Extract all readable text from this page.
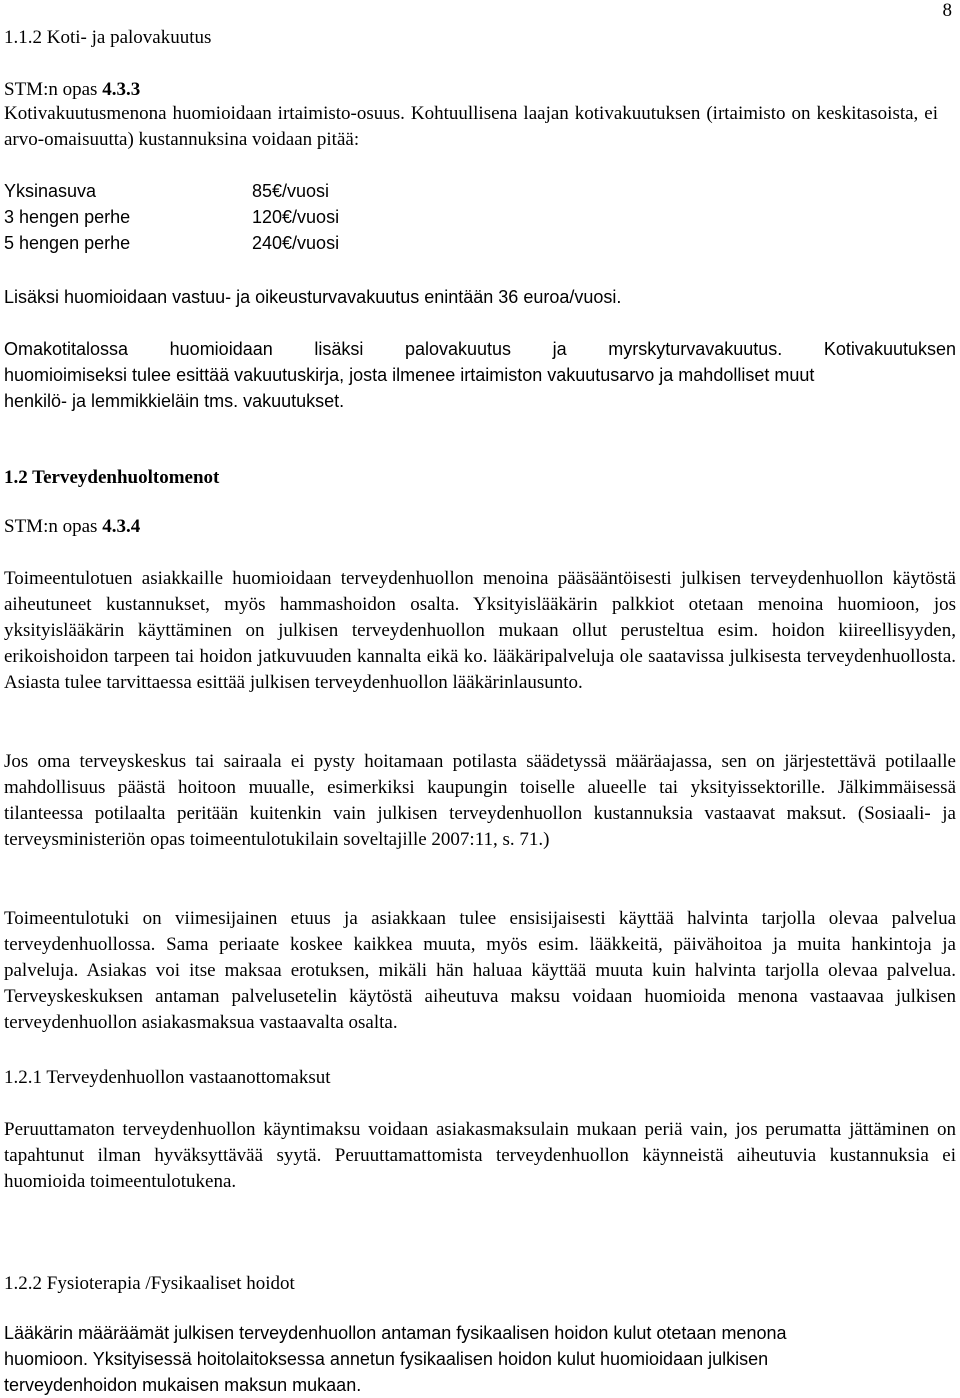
8
1.1.2 Koti- ja palovakuutus
STM:n opas 4.3.3
Kotivakuutusmenona huomioidaan irtaimisto-osuus. Kohtuullisena laajan kotivakuutuksen (irtaimisto on keskitasoista, ei arvo-omaisuutta) kustannuksina voidaan pitää:
Yksinasuva	85€/vuosi
3 hengen perhe	120€/vuosi
5 hengen perhe	240€/vuosi
Lisäksi huomioidaan vastuu- ja oikeusturvavakuutus enintään 36 euroa/vuosi.
Omakotitalossa huomioidaan lisäksi palovakuutus ja myrskyturvavakuutus. Kotivakuutuksen
huomioimiseksi tulee esittää vakuutuskirja, josta ilmenee irtaimiston vakuutusarvo ja mahdolliset muut
henkilö- ja lemmikkieläin tms. vakuutukset.
1.2 Terveydenhuoltomenot
STM:n opas 4.3.4
Toimeentulotuen asiakkaille huomioidaan terveydenhuollon menoina pääsääntöisesti julkisen terveydenhuollon käytöstä aiheutuneet kustannukset, myös hammashoidon osalta. Yksityislääkärin palkkiot otetaan menoina huomioon, jos yksityislääkärin käyttäminen on julkisen terveydenhuollon mukaan ollut perusteltua esim. hoidon kiireellisyyden, erikoishoidon tarpeen tai hoidon jatkuvuuden kannalta eikä ko. lääkäripalveluja ole saatavissa julkisesta terveydenhuollosta. Asiasta tulee tarvittaessa esittää julkisen terveydenhuollon lääkärinlausunto.
Jos oma terveyskeskus tai sairaala ei pysty hoitamaan potilasta säädetyssä määräajassa, sen on järjestettävä potilaalle mahdollisuus päästä hoitoon muualle, esimerkiksi kaupungin toiselle alueelle tai yksityissektorille. Jälkimmäisessä tilanteessa potilaalta peritään kuitenkin vain julkisen terveydenhuollon kustannuksia vastaavat maksut. (Sosiaali- ja terveysministeriön opas toimeentulotukilain soveltajille 2007:11, s. 71.)
Toimeentulotuki on viimesijainen etuus ja asiakkaan tulee ensisijaisesti käyttää halvinta tarjolla olevaa palvelua terveydenhuollossa. Sama periaate koskee kaikkea muuta, myös esim. lääkkeitä, päivähoitoa ja muita hankintoja ja palveluja. Asiakas voi itse maksaa erotuksen, mikäli hän haluaa käyttää muuta kuin halvinta tarjolla olevaa palvelua. Terveyskeskuksen antaman palvelusetelin käytöstä aiheutuva maksu voidaan huomioida menona vastaavaa julkisen terveydenhuollon asiakasmaksua vastaavalta osalta.
1.2.1 Terveydenhuollon vastaanottomaksut
Peruuttamaton terveydenhuollon käyntimaksu voidaan asiakasmaksulain mukaan periä vain, jos perumatta jättäminen on tapahtunut ilman hyväksyttävää syytä. Peruuttamattomista terveydenhuollon käynneistä aiheutuvia kustannuksia ei huomioida toimeentulotukena.
1.2.2 Fysioterapia /Fysikaaliset hoidot
Lääkärin määräämät julkisen terveydenhuollon antaman fysikaalisen hoidon kulut otetaan menona
huomioon. Yksityisessä hoitolaitoksessa annetun fysikaalisen hoidon kulut huomioidaan julkisen
terveydenhoidon mukaisen maksun mukaan.
